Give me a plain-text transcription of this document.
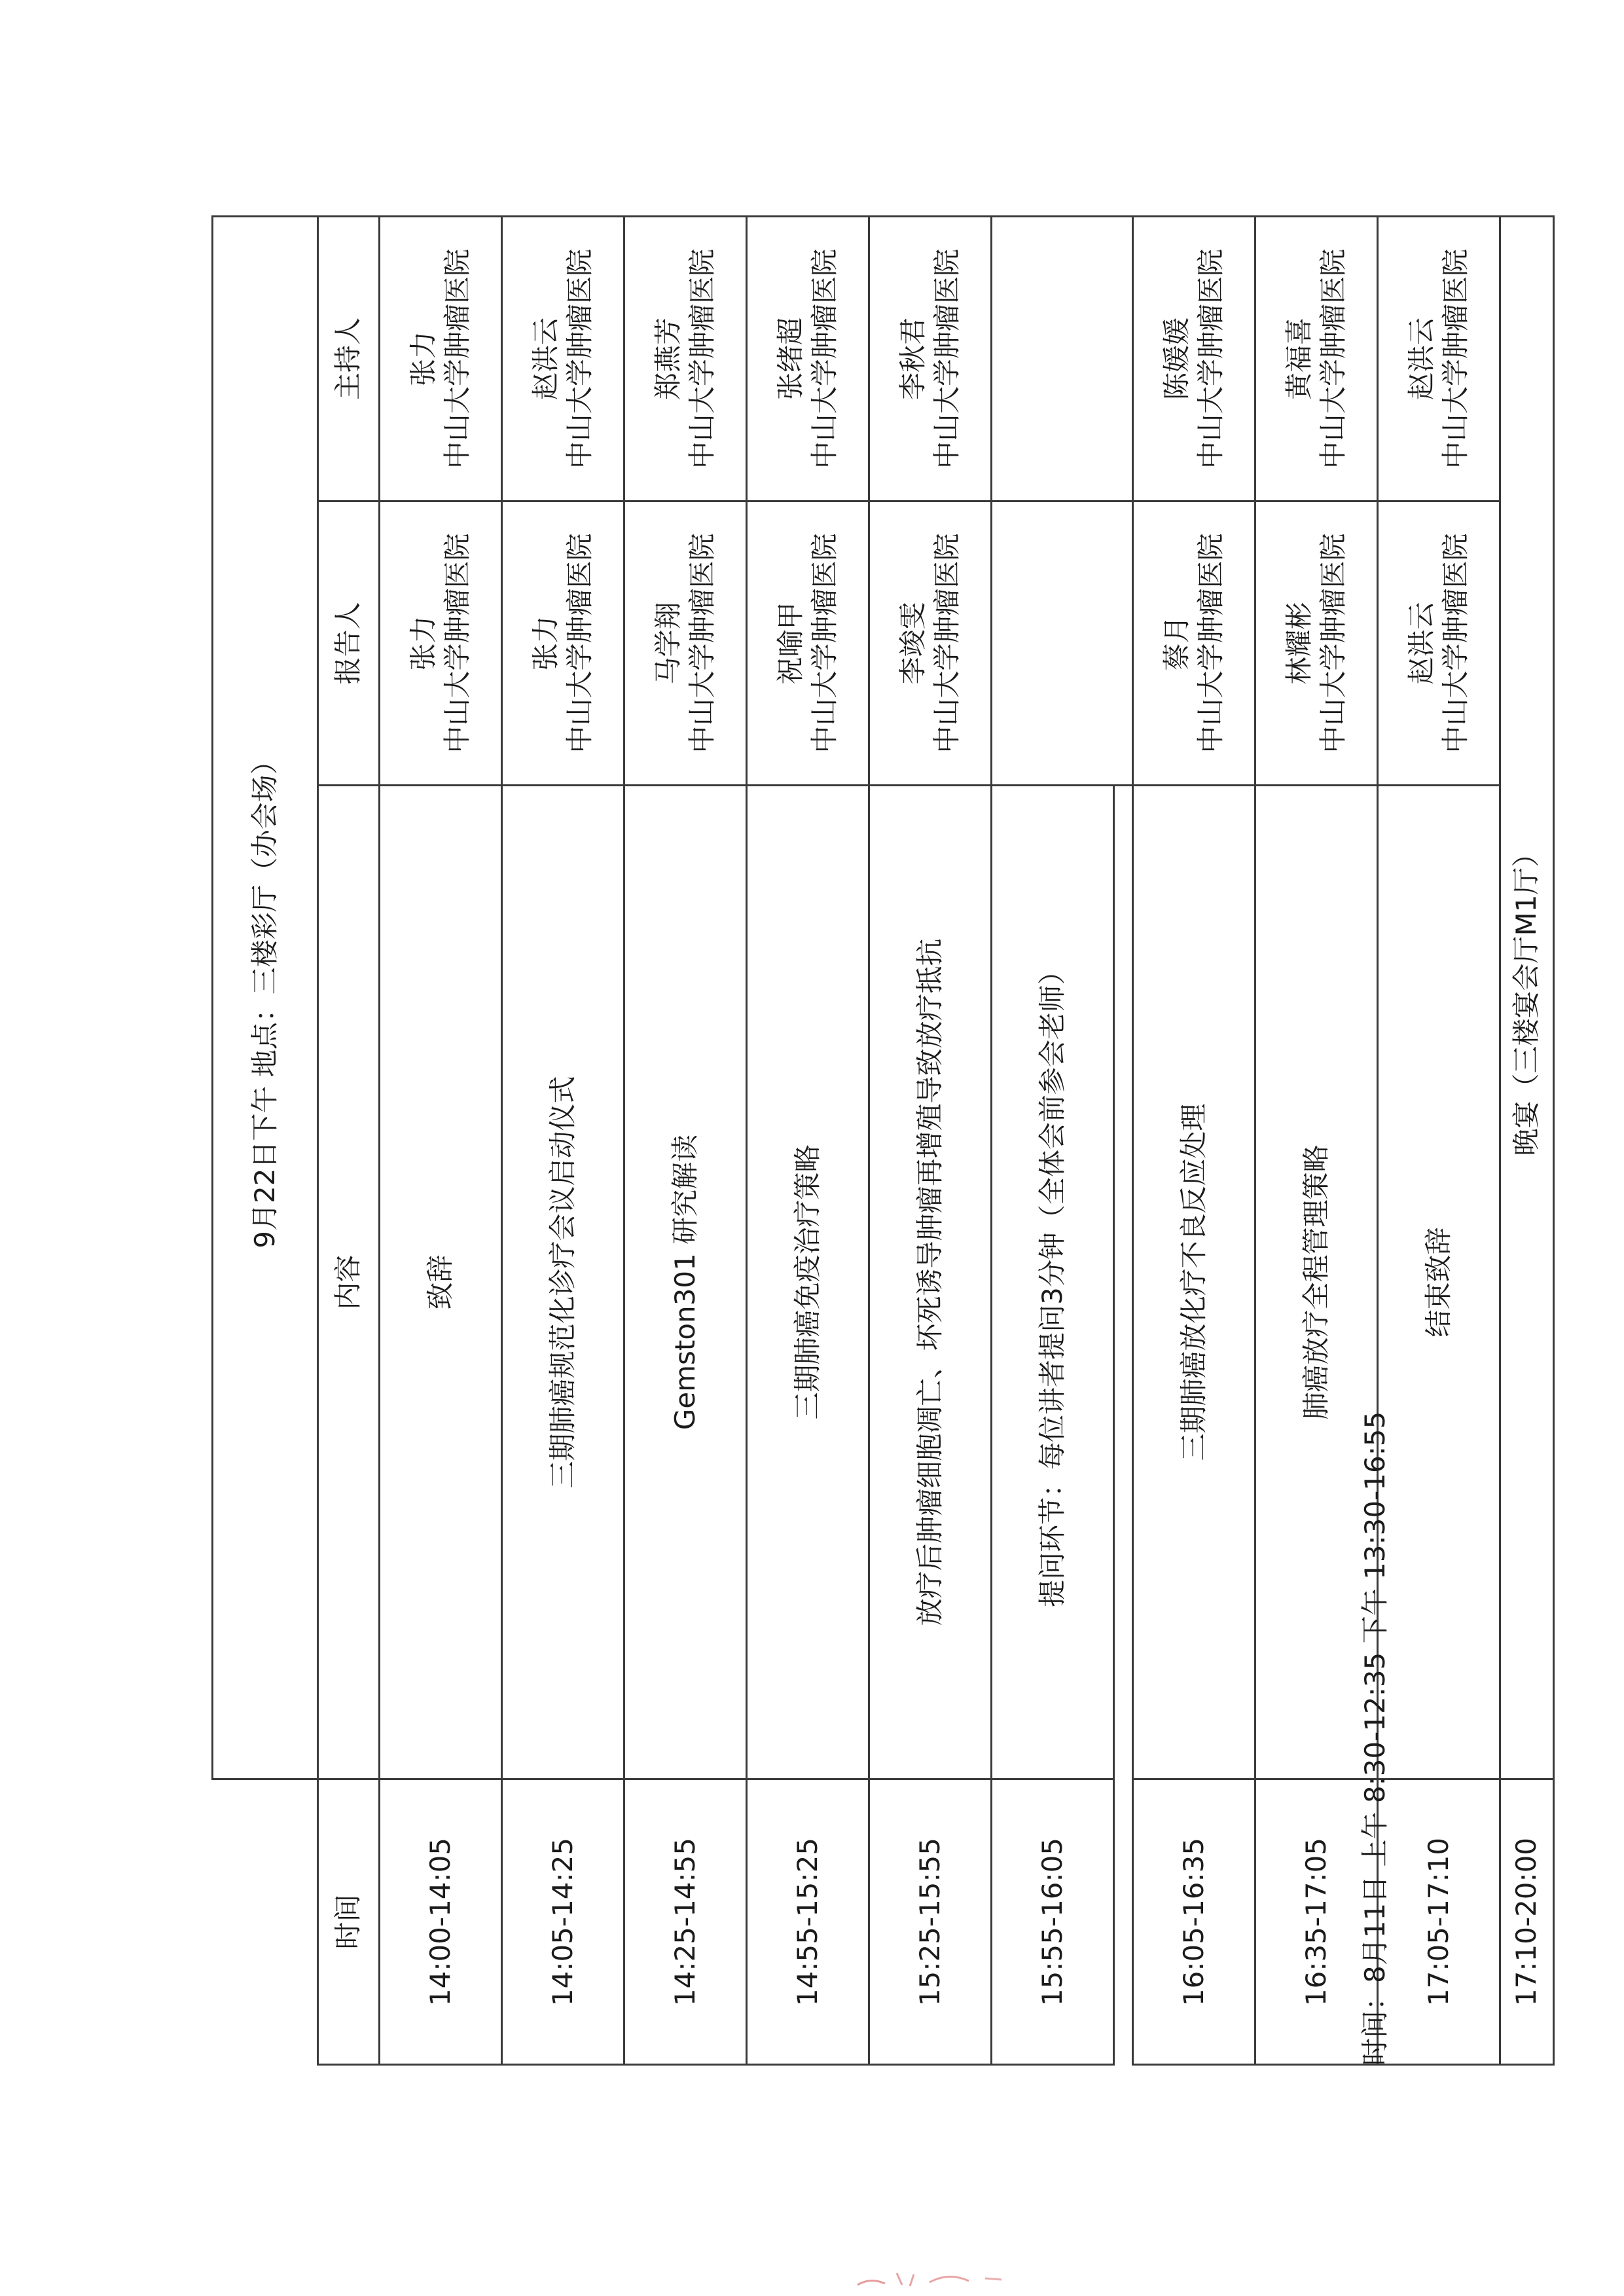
	9月22日下午 地点：三楼彩厅（办会场）		
时间	内容	报告人	主持人
14:00-14:05	致辞	张力 中山大学肿瘤医院	张力 中山大学肿瘤医院

14:05-14:25	三期肺癌规范化诊疗会议启动仪式	张力 中山大学肿瘤医院	赵洪云 中山大学肿瘤医院

14:25-14:55	Gemston301 研究解读	马学翔 中山大学肿瘤医院	郑燕芳 中山大学肿瘤医院

14:55-15:25	三期肺癌免疫治疗策略	祝喻甲 中山大学肿瘤医院	张绪超 中山大学肿瘤医院

15:25-15:55	放疗后肿瘤细胞凋亡、坏死诱导肿瘤再增殖导致放疗抵抗	李竣雯 中山大学肿瘤医院	李秋君 中山大学肿瘤医院

15:55-16:05	提问环节：每位讲者提问3分钟（全体会前参会老师）		

16:05-16:35	三期肺癌放化疗不良反应处理	蔡月 中山大学肿瘤医院	陈媛媛 中山大学肿瘤医院

16:35-17:05	肺癌放疗全程管理策略	林耀彬 中山大学肿瘤医院	黄福喜 中山大学肿瘤医院

17:05-17:10	结束致辞	赵洪云 中山大学肿瘤医院	赵洪云 中山大学肿瘤医院

17:10-20:00	晚宴（三楼宴会厅M1厅）		
时间：8月11日 上午 8:30-12:35 下午 13:30-16:55
